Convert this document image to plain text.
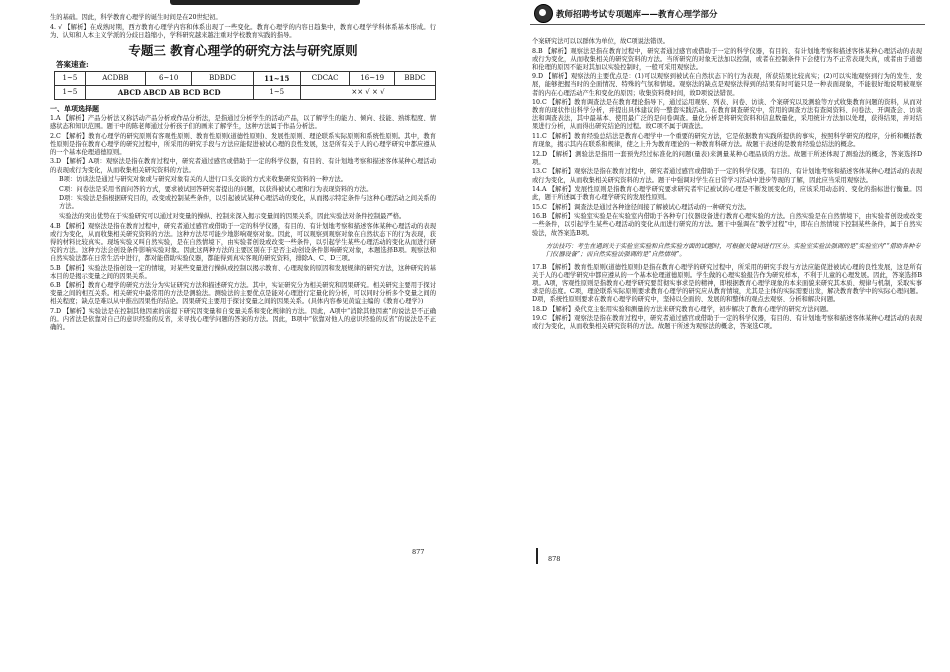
生的基础。因此，科学教育心理学的诞生时间是在20世纪初。

4. √ 【解析】在成熟时期，西方教育心理学内容和体系出现了一些变化。教育心理学的内容日趋集中，教育心理学学科体系基本形成。行为、认知和人本主义学派的分歧日趋缩小，学科研究越来越注重对学校教育实践的指导。

专题三 教育心理学的研究方法与研究原则
答案速查:
1~5	ACDBB	6~10	BDBDC	11~15	CDCAC	16~19	BBDC
1~5	ABCD ABCD AB BCD BCD			1~5	×× √ × √		
一、单项选择题

1.A 【解析】产品分析法又称活动产品分析或作品分析法，是指通过分析学生的活动产品，以了解学生的能力、倾向、技能、熟练程度、情感状态和知识范围。题干中的陈老师通过分析孩子们的画来了解学生，这种方法属于作品分析法。

2.C 【解析】教育心理学的研究原则有客观性原则、教育性原则(道德性原则)、发展性原则、理论联系实际原则和系统性原则。其中，教育性原则是指在教育心理学的研究过程中，所采用的研究手段与方法应能促进被试心理的良性发展，这是所有关于人的心理学研究中都应遵从的一个基本伦理道德原则。

3.D 【解析】A项：观察法是指在教育过程中，研究者通过感官或借助于一定的科学仪器，有目的、有计划地考察和描述客体某种心理活动的表现或行为变化，从而收集相关研究资料的方法。

B项：访谈法是通过与研究对象或与研究对象有关的人进行口头交谈的方式来收集研究资料的一种方法。

C项：问卷法是采用书面问答的方式，要求被试回答研究者提出的问题，以获得被试心理和行为表现资料的方法。

D项：实验法是指根据研究目的，改变或控制某些条件，以引起被试某种心理活动的变化，从而揭示特定条件与这种心理活动之间关系的方法。

实验法的突出优势在于实验研究可以通过对变量的操纵、控制来深入揭示变量间的因果关系，因此实验法对条件控制最严格。

4.B 【解析】观察法是指在教育过程中，研究者通过感官或借助于一定的科学仪器，有目的、有计划地考察和描述客体某种心理活动的表现或行为变化，从而收集相关研究资料的方法。这种方法尽可能少地影响观察对象。因此，可以观察到观察对象在自然状态下的行为表现，获得的材料比较真实。现场实验又叫自然实验，是在自然情境下，由实验者创设或改变一些条件，以引起学生某些心理活动的变化从而进行研究的方法。这种方法会创设条件影响实验对象。因此这两种方法的主要区别在于是否主动创设条件影响研究对象，本题选择B项。观察法和自然实验法都在日常生活中进行，都对能借助实验仪器，都能得到真实客观的研究资料，排除A、C、D三项。

5.B 【解析】实验法是指创设一定的情境，对某些变量进行操纵或控制以揭示教育、心理现象的原因和发展规律的研究方法，这种研究的基本目的是揭示变量之间的因果关系。

6.B 【解析】教育心理学的研究方法分为实证研究方法和描述研究方法。其中，实证研究分为相关研究和因果研究。相关研究主要用于探讨变量之间的相互关系。相关研究中最常用的方法是测验法。测验法的主要优点是能对心理进行定量化的分析，可以同时分析多个变量之间的相关程度；缺点是难以从中推出因果性的结论。因果研究主要用于探讨变量之间的因果关系。(具体内容参见黄谊主编的《教育心理学》)

7.D 【解析】实验法是在控制其他因素的前提下研究因变量和自变量关系和变化规律的方法。因此，A项中“消除其他因素”的说法是不正确的。内省法是依靠对自己的意识经验的反省，来寻找心理学问题的答案的方法。因此，B项中“依靠对他人的意识经验的反省”的说法是不正确的。

877
教师招聘考试专项题库——教育心理学部分

个案研究法可以以群体为单位，故C项说法错误。

8.B 【解析】观察法是指在教育过程中，研究者通过感官或借助于一定的科学仪器，有目的、有计划地考察和描述客体某种心理活动的表现或行为变化，从而收集相关的研究资料的方法。当所研究的对象无法加以控制，或者在控制条件下会使行为不正常表现失真，或者由于道德和伦理的原因不能对其加以实验控制时，一般可采用观察法。

9.D 【解析】观察法的主要优点是：(1)可以观察到被试在自然状态下的行为表现，所获结果比较真实；(2)可以实地观察到行为的发生、发展，能够把握当时的全面情况、特殊的气氛和情境。观察法的缺点是观察法得到的结果有时可能只是一种表面现象，不能很好地说明被观察者的内在心理活动产生和变化的原因；收集资料费时间，故D项说法错误。

10.C 【解析】教育调查法是在教育理论指导下，通过运用观察、列表、问卷、访谈、个案研究以及测验等方式收集教育问题的资料，从而对教育的现状作出科学分析，并提出具体建议的一整套实践活动。在教育调查研究中，常用的调查方法有查阅资料、问卷法、开调查会、访谈法和调查表法，其中最基本、使用最广泛的是问卷调查。量化分析是将研究资料和信息数量化，采用统计方法加以处理，获得结果，并对结果进行分析，从而得出研究结论的过程。故C项不属于调查法。

11.C 【解析】教育经验总结法是教育心理学中一个重要的研究方法，它是依据教育实践所提供的事实，按照科学研究的程序，分析和概括教育现象，揭示其内在联系和规律，使之上升为教育理论的一种教育科研方法。故题干表述的是教育经验总结法的概念。

12.D 【解析】测验法是指用一套预先经过标准化的问题(量表)来测量某种心理品质的方法。故题干所述体现了测验法的概念，答案选择D项。

13.C 【解析】观察法是指在教育过程中，研究者通过感官或借助于一定的科学仪器，有目的、有计划地考察和描述客体某种心理活动的表现或行为变化，从而收集相关研究资料的方法。题干中强调对学生在日常学习活动中进步等现的了解，因此应当采用观察法。

14.A 【解析】发展性原则是指教育心理学研究要求研究者牢记被试的心理是不断发展变化的，应该采用动态的、变化的指标进行衡量。因此，题干所述属于教育心理学研究的发展性原则。

15.C 【解析】调查法是通过各种途径间接了解被试心理活动的一种研究方法。

16.B 【解析】实验室实验是在实验室内借助于各种专门仪器设备进行教育心理实验的方法。自然实验是在自然情境下，由实验者创设或改变一些条件，以引起学生某些心理活动的变化从而进行研究的方法。题干中强调在“教学过程”中，即在自然情境下控制某些条件，属于自然实验法，故答案选B项。

方法技巧：考生在遇到关于实验室实验和自然实验方面的试题时，可根据关键词进行区分。实验室实验法强调的是“实验室内”“借助各种专门仪器设备”；而自然实验法强调的是“自然情境”。

17.B 【解析】教育性原则(道德性原则)是指在教育心理学的研究过程中，所采用的研究手段与方法应能促进被试心理的良性发展，这是所有关于人的心理学研究中都应遵从的一个基本伦理道德原则。学生做的心理实验报告作为研究样本，不利于儿童的心理发展。因此，答案选择B项。A项，客观性原则是指教育心理学研究要贯彻实事求是的精神，即根据教育心理学现象的本来面貌来研究其本质、规律与机制，采取实事求是的态度。C项，理论联系实际原则要求教育心理学的研究应从教育情境，尤其是主体的实际需要出发，解决教育教学中的实际心理问题。D项，系统性原则要求在教育心理学的研究中，坚持以全面的、发展的和整体的观点去观察、分析和解决问题。

18.D 【解析】桑代克主张用实验和测量的方法来研究教育心理学，初步解决了教育心理学的研究方法问题。

19.C 【解析】观察法是指在教育过程中，研究者通过感官或借助于一定的科学仪器，有目的、有计划地考察和描述客体某种心理活动的表现或行为变化，从而收集相关研究资料的方法。故题干所述为观察法的概念，答案选C项。

878
